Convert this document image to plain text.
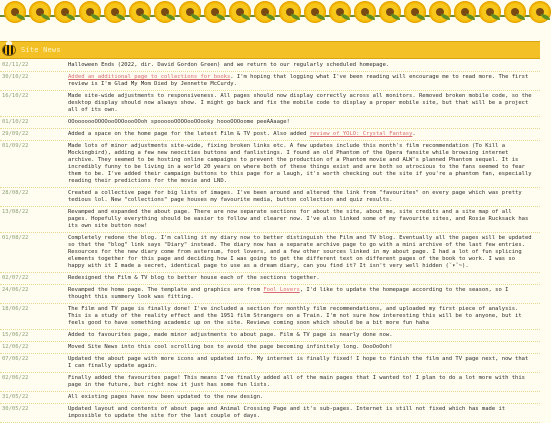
Site News
02/11/22	Halloween Ends (2022, dir. David Gordon Green) and we return to our regularly scheduled homepage.
30/10/22	Added an additional page to collections for books. I'm hoping that logging what I've been reading will encourage me to read more. The first review is I'm Glad My Mom Died by Jennette McCurdy.
16/10/22	Made site-wide adjustments to responsiveness. All pages should now display correctly across all monitors. Removed broken mobile code, so the desktop display should now always show. I might go back and fix the mobile code to display a proper mobile site, but that will be a project all of its own.
01/10/22	OOooooooOOOOooOOOoooOOoh spoooooOOOOooOOooky hoooOOOoome peeAAaage!
29/09/22	Added a space on the home page for the latest Film & TV post. Also added review of YOLO: Crystal Fantasy.
01/09/22	Made lots of minor adjustments site-wide, fixing broken links etc. A few updates include this month's film recommendation (To Kill a Mockingbird), adding a few new neocities buttons and fanlistings. I found an old Phantom of the Opera fansite while browsing internet archive. They seemed to be hosting online campaigns to prevent the production of a Phantom movie and ALW's planned Phantom sequel. It is incredibly funny to be living in a world 20 years on where both of these things exist and are both so atrocious to the fans seemed to fear them to be. I've added their campaign buttons to this page for a laugh, it's worth checking out the site if you're a phantom fan, especially reading their predictions for the movie and LND.
28/08/22	Created a collective page for big lists of images. I've been around and altered the link from "favourites" on every page which was pretty tedious lol. New "collections" page houses my favourite media, button collection and quiz results.
13/08/22	Revamped and expanded the about page. There are now separate sections for about the site, about me, site credits and a site map of all pages. Hopefully everything should be easier to follow and clearer now. I've also linked some of my favourite sites, and Rosie Rucksack has its own site button now!
01/08/22	Completely redone the blog. I'm calling it my diary now to better distinguish the Film and TV blog. Eventually all the pages will be updated so that the "blog" link says "Diary" instead. The diary now has a separate archive page to go with a mini archive of the last few entries. Resources for the new diary come from astersum, foot lovers, and a few other sources linked in my about page. I had a lot of fun splicing elements together for this page and deciding how I was going to get the different text on different pages of the book to work. I was so happy with it I made a secret, identical page to use as a dream diary, can you find it? It isn't very well hidden (˘▾˘~).
02/07/22	Redesigned the Film & TV blog to better house each of the sections together.
24/06/22	Revamped the home page. The template and graphics are from Fool Lovers, I'd like to update the homepage according to the season, so I thought this summery look was fitting.
18/06/22	The Film and TV page is finally done! I've included a section for monthly film recommendations, and uploaded my first piece of analysis. This is a study of the reality effect and the 1951 film Strangers on a Train. I'm not sure how interesting this will be to anyone, but it feels good to have something academic up on the site. Reviews coming soon which should be a bit more fun haha
15/06/22	Added to favourites page, made minor adjustments to about page. Film & TV page is nearly done now.
12/06/22	Moved Site News into this cool scrolling box to avoid the page becoming infinitely long. OooOoOoh!
07/06/22	Updated the about page with more icons and updated info. My internet is finally fixed! I hope to finish the film and TV page next, now that I can finally update again.
02/06/22	Finally added the favourites page! This means I've finally added all of the main pages that I wanted to! I plan to do a lot more with this page in the future, but right now it just has some fun lists.
31/05/22	All existing pages have now been updated to the new design.
30/05/22	Updated layout and contents of about page and Animal Crossing Page and it's sub-pages. Internet is still not fixed which has made it impossible to update the site for the last couple of days.
